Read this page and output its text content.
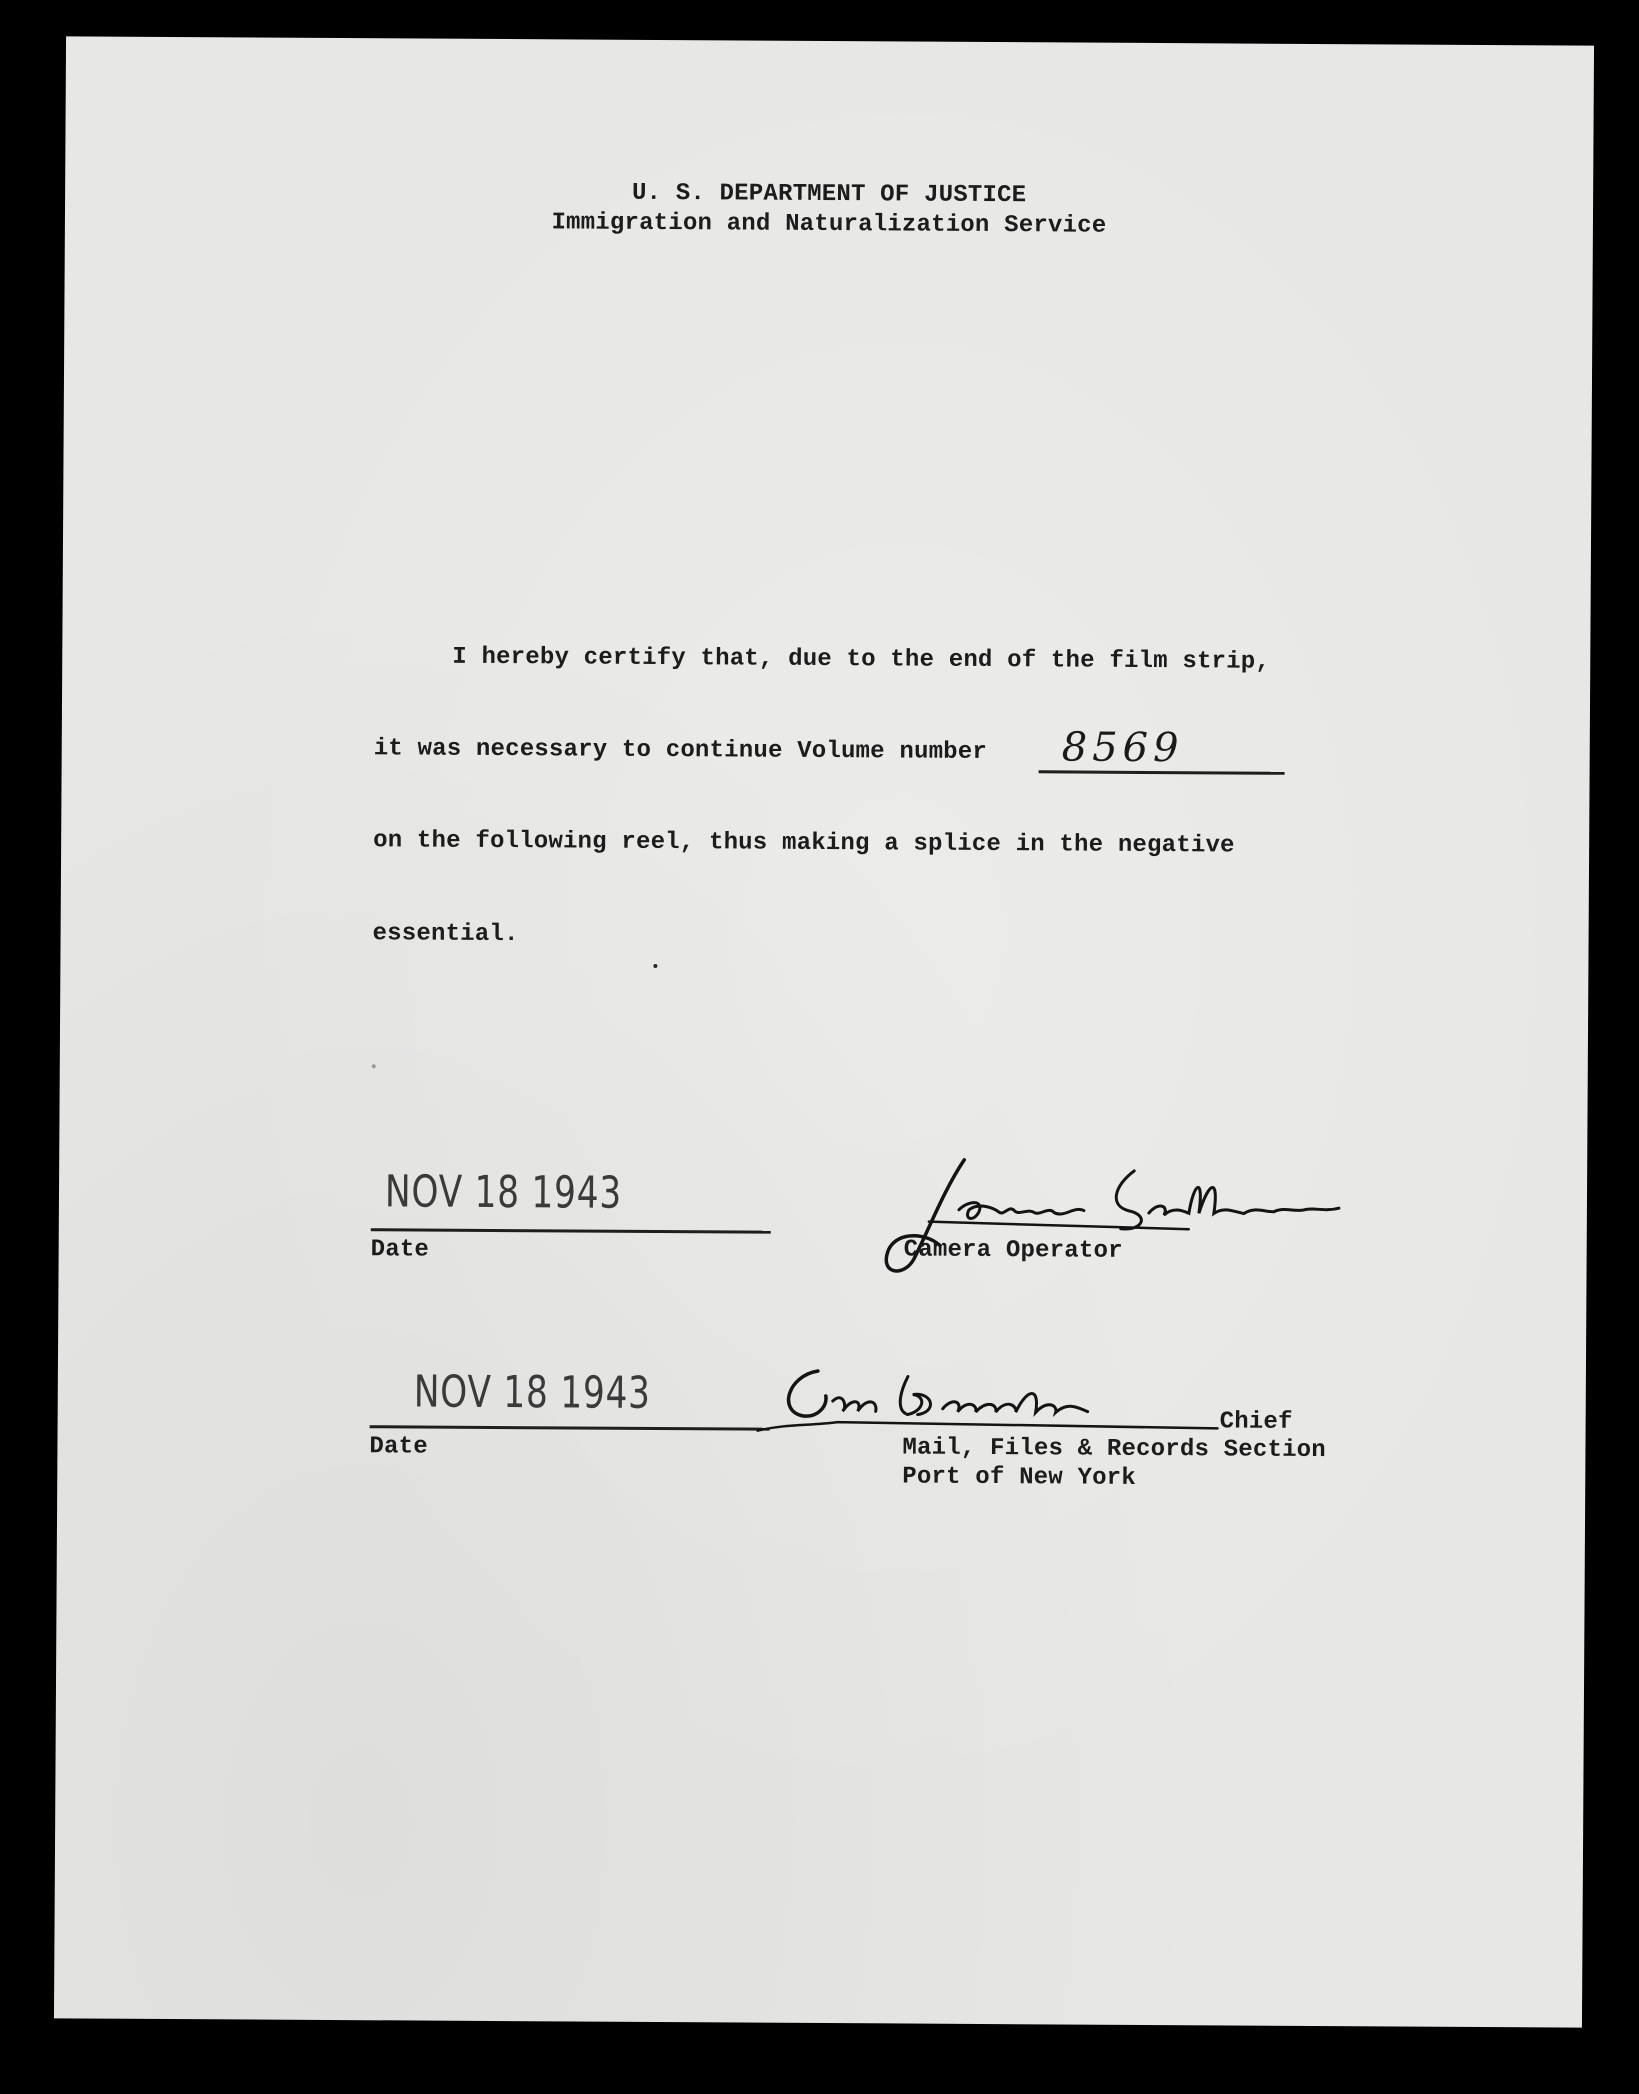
U. S. DEPARTMENT OF JUSTICE
Immigration and Naturalization Service
I hereby certify that, due to the end of the film strip,
it was necessary to continue Volume number 8569
on the following reel, thus making a splice in the negative
essential.
NOV 18 1943
Date	Camera Operator
NOV 18 1943
Date
Chief
Mail, Files & Records Section
Port of New York
